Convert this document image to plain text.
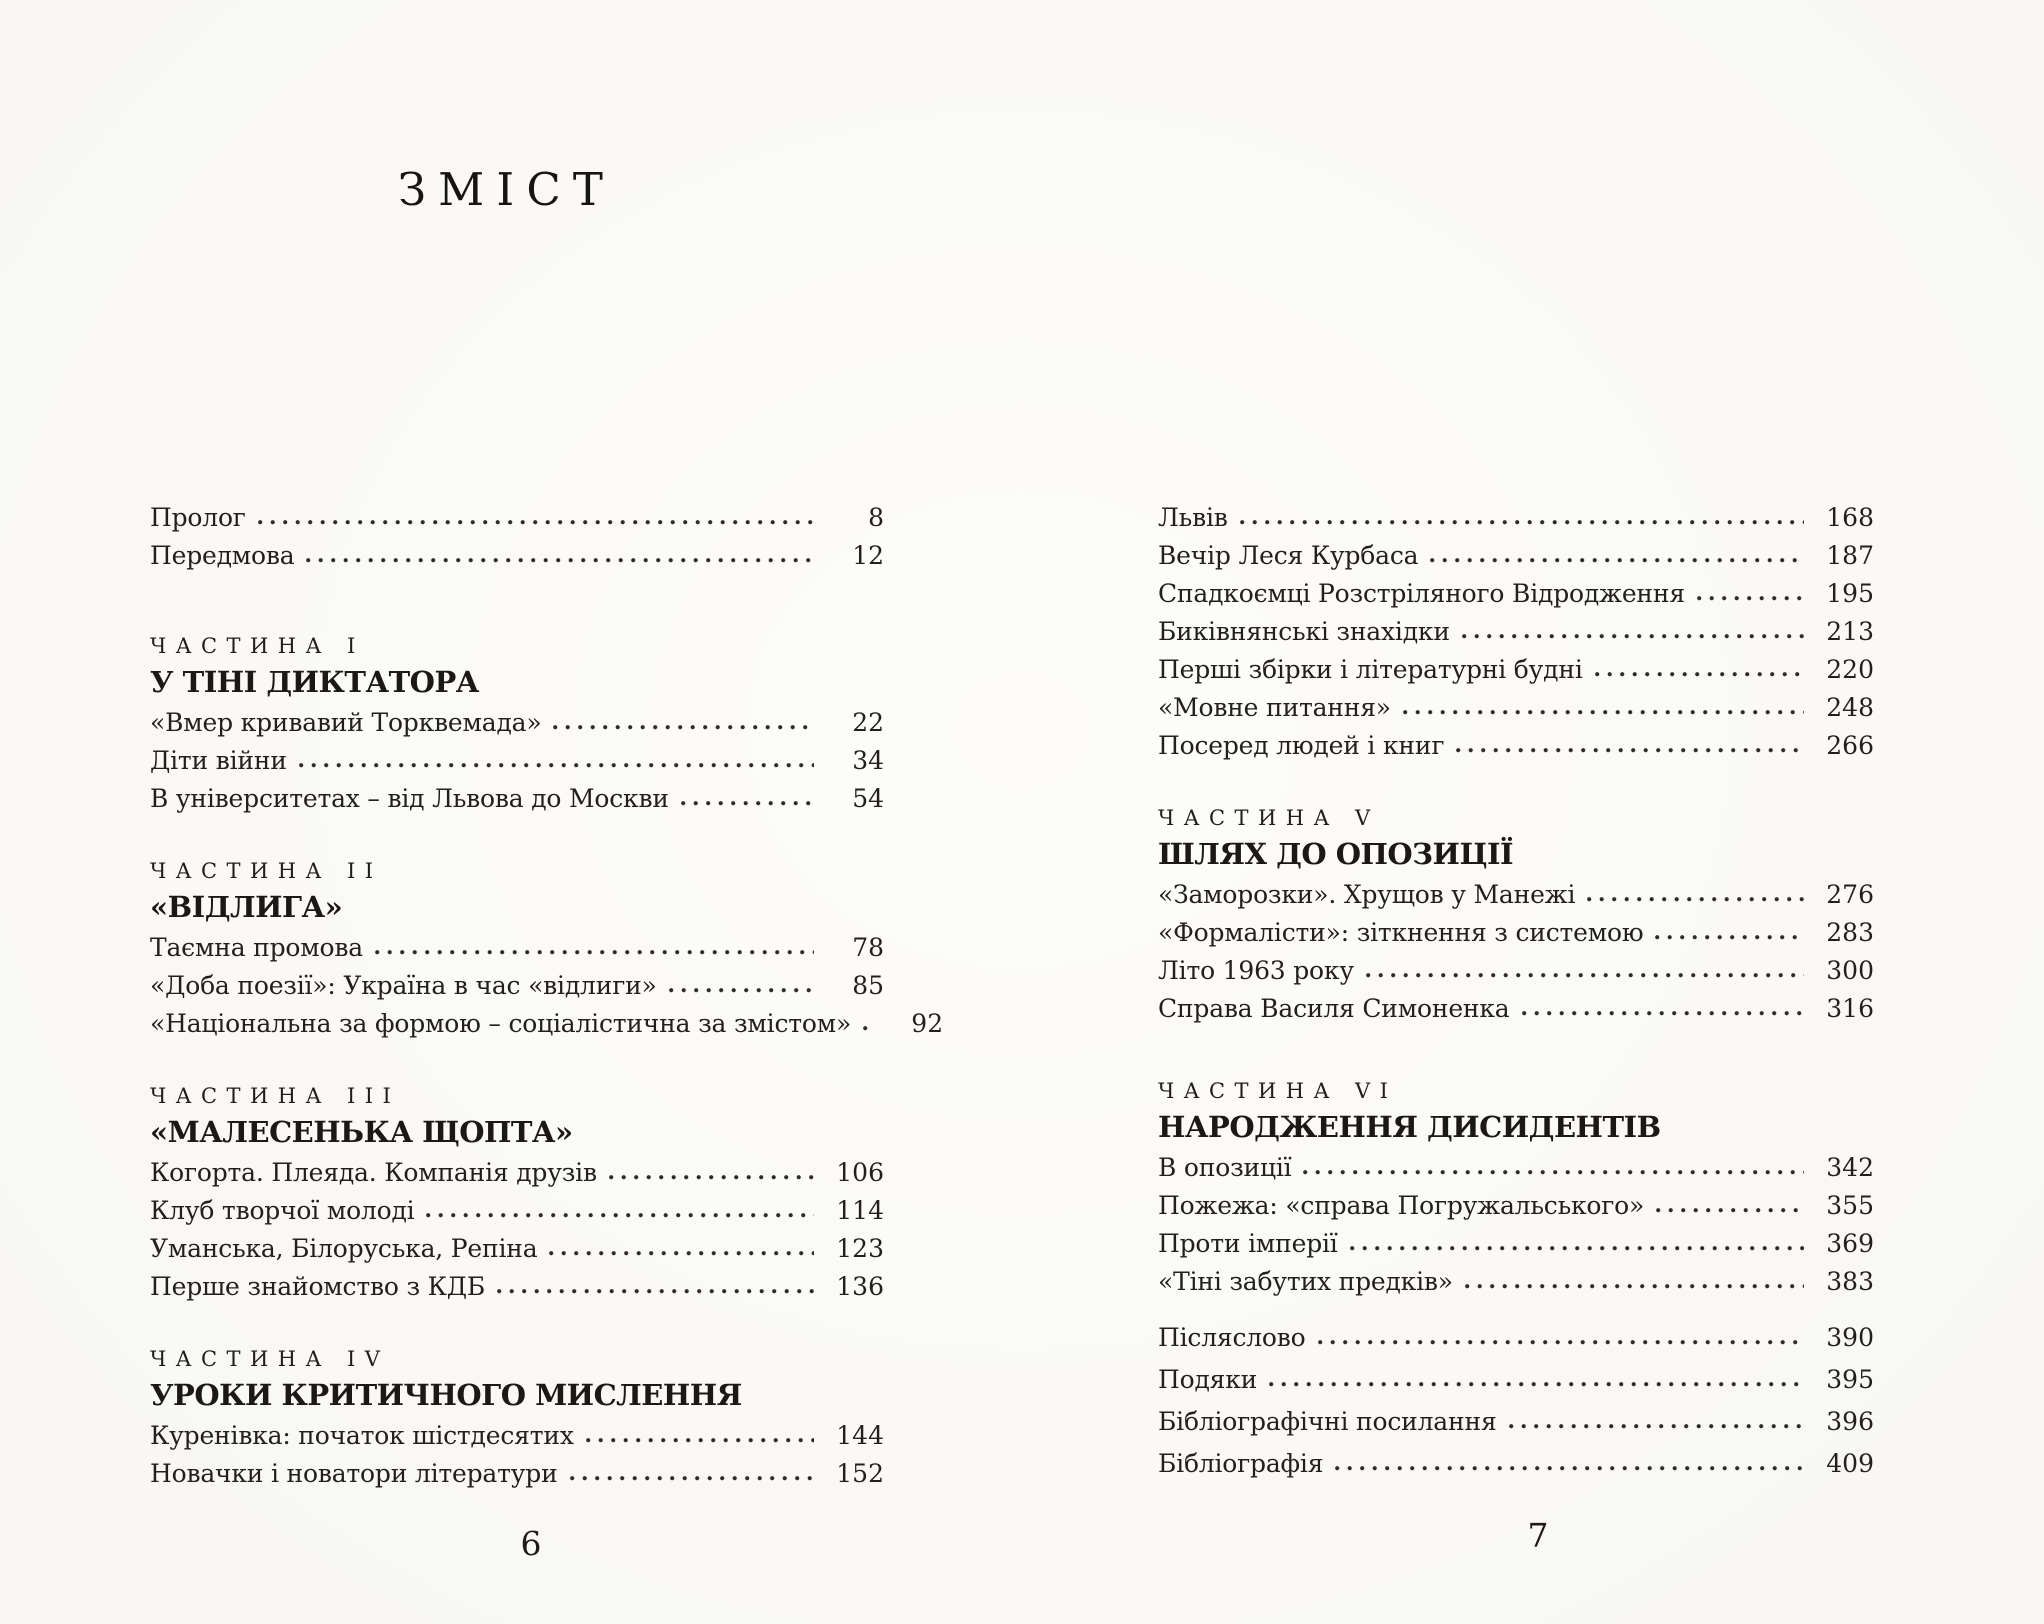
ЗМІСТ
Пролог	8
Передмова	12
ЧАСТИНА I
У ТІНІ ДИКТАТОРА
«Вмер кривавий Торквемада»	22
Діти війни	34
В університетах – від Львова до Москви	54
ЧАСТИНА II
«ВІДЛИГА»
Таємна промова	78
«Доба поезії»: Україна в час «відлиги»	85
«Національна за формою – соціалістична за змістом»	92
ЧАСТИНА III
«МАЛЕСЕНЬКА ЩОПТА»
Когорта. Плеяда. Компанія друзів	106
Клуб творчої молоді	114
Уманська, Білоруська, Репіна	123
Перше знайомство з КДБ	136
ЧАСТИНА IV
УРОКИ КРИТИЧНОГО МИСЛЕННЯ
Куренівка: початок шістдесятих	144
Новачки і новатори літератури	152
Львів	168
Вечір Леся Курбаса	187
Спадкоємці Розстріляного Відродження	195
Биківнянські знахідки	213
Перші збірки і літературні будні	220
«Мовне питання»	248
Посеред людей і книг	266
ЧАСТИНА V
ШЛЯХ ДО ОПОЗИЦІЇ
«Заморозки». Хрущов у Манежі	276
«Формалісти»: зіткнення з системою	283
Літо 1963 року	300
Справа Василя Симоненка	316
ЧАСТИНА VI
НАРОДЖЕННЯ ДИСИДЕНТІВ
В опозиції	342
Пожежа: «справа Погружальського»	355
Проти імперії	369
«Тіні забутих предків»	383
Післяслово	390
Подяки	395
Бібліографічні посилання	396
Бібліографія	409
6	7
